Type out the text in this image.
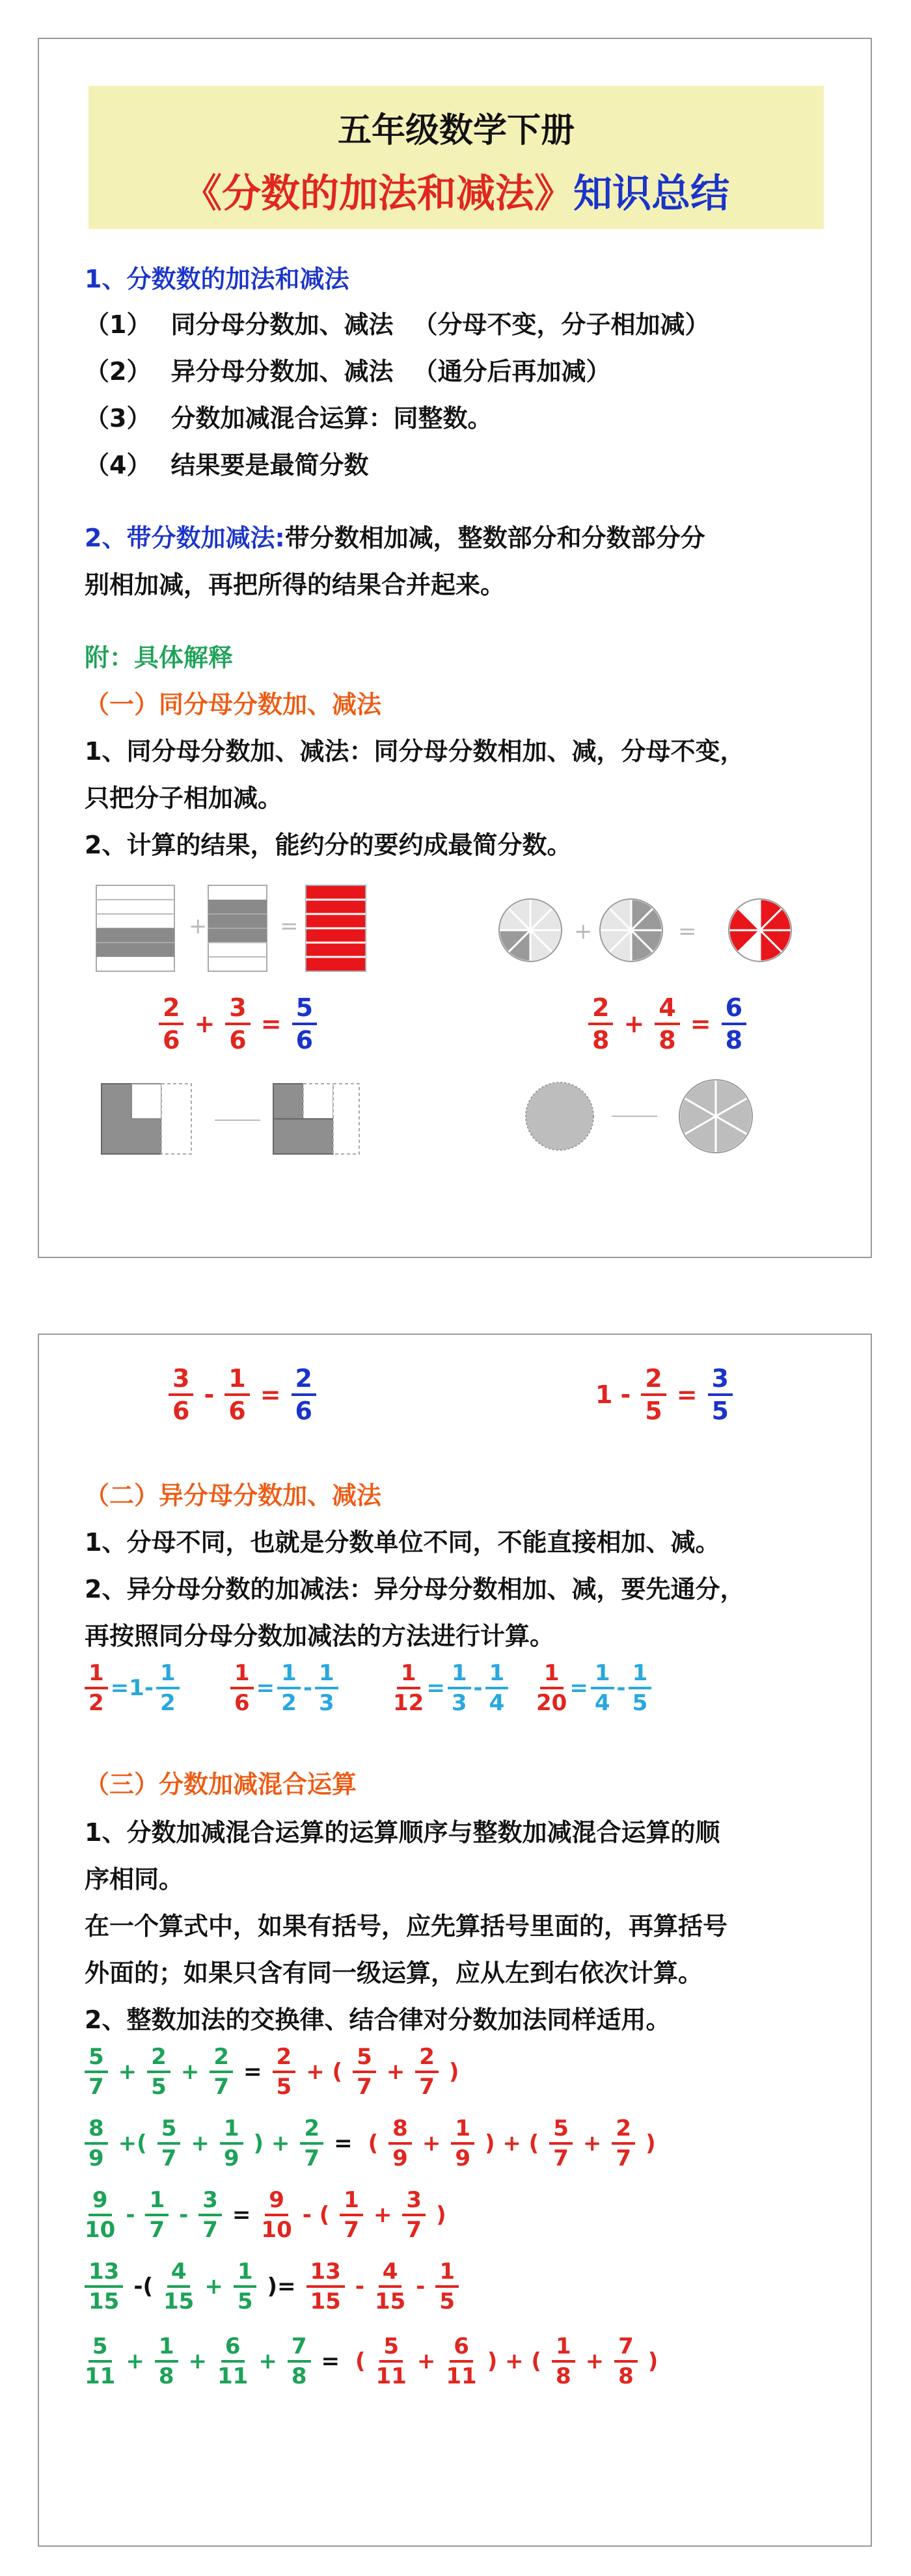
五年级数学下册
《分数的加法和减法》知识总结
1、分数数的加法和减法
（1） 同分母分数加、减法 （分母不变，分子相加减）
（2） 异分母分数加、减法 （通分后再加减）
（3） 分数加减混合运算：同整数。
（4） 结果要是最简分数
2、带分数加减法:带分数相加减，整数部分和分数部分分
别相加减，再把所得的结果合并起来。
附：具体解释
（一）同分母分数加、减法
1、同分母分数加、减法：同分母分数相加、减，分母不变，
只把分子相加减。
2、计算的结果，能约分的要约成最简分数。
+	=	+	=
$\frac{2}{6} + \frac{3}{6} = \frac{5}{6}$	$\frac{2}{8} + \frac{4}{8} = \frac{6}{8}$
$\frac{3}{6} - \frac{1}{6} = \frac{2}{6}$	$1 - \frac{2}{5} = \frac{3}{5}$
（二）异分母分数加、减法
1、分母不同，也就是分数单位不同，不能直接相加、减。
2、异分母分数的加减法：异分母分数相加、减，要先通分，
再按照同分母分数加减法的方法进行计算。
$\frac{1}{2} =1- \frac{1}{2} \frac{1}{6} = \frac{1}{2} - \frac{1}{3} \frac{1}{12} = \frac{1}{3} - \frac{1}{4} \frac{1}{20} = \frac{1}{4} - \frac{1}{5}$
（三）分数加减混合运算
1、分数加减混合运算的运算顺序与整数加减混合运算的顺
序相同。
在一个算式中，如果有括号，应先算括号里面的，再算括号
外面的；如果只含有同一级运算，应从左到右依次计算。
2、整数加法的交换律、结合律对分数加法同样适用。
$\frac{5}{7} + \frac{2}{5} + \frac{2}{7} = \frac{2}{5}$ + ( $\frac{5}{7} + \frac{2}{7}$ )
$\frac{8}{9}$ +( $\frac{5}{7} + \frac{1}{9}$ ) + $\frac{2}{7}$ = ( $\frac{8}{9} + \frac{1}{9}$ ) + ( $\frac{5}{7} + \frac{2}{7}$ )
$\frac{9}{10} - \frac{1}{7} - \frac{3}{7} = \frac{9}{10}$ - ( $\frac{1}{7} + \frac{3}{7}$ )
$\frac{13}{15}$ -( $\frac{4}{15} + \frac{1}{5}$ )= $\frac{13}{15} - \frac{4}{15} - \frac{1}{5}$
$\frac{5}{11} + \frac{1}{8} + \frac{6}{11} + \frac{7}{8}$ = ( $\frac{5}{11} + \frac{6}{11}$ ) + ( $\frac{1}{8} + \frac{7}{8}$ )
